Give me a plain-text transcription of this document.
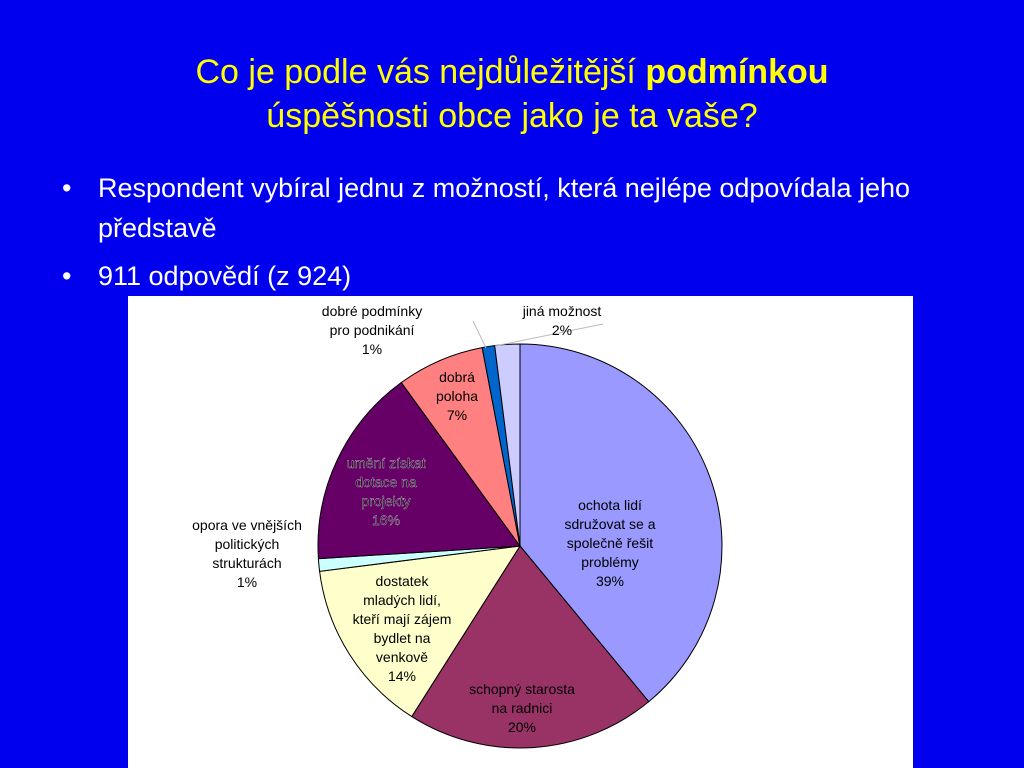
Co je podle vás nejdůležitější podmínkou
úspěšnosti obce jako je ta vaše?
• Respondent vybíral jednu z možností, která nejlépe odpovídala jeho představě
• 911 odpovědí (z 924)
ochota lidí sdružovat se a společně řešit problémy 39%
schopný starosta na radnici 20%
dostatek mladých lidí, kteří mají zájem bydlet na venkově 14%
opora ve vnějších politických strukturách 1%
umění získat dotace na projekty 16%
dobrá poloha 7%
dobré podmínky pro podnikání 1%
jiná možnost 2%
